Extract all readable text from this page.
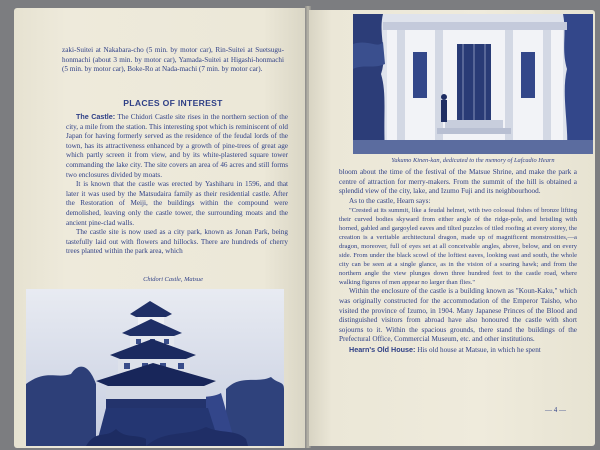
zaki-Suitei at Nakabara-cho (5 min. by motor car), Rin-Suitei at Suetsugu-honmachi (about 3 min. by motor car), Yamada-Suitei at Higashi-honmachi (5 min. by motor car), Boke-Ro at Nada-machi (7 min. by motor car).
PLACES OF INTEREST

The Castle: The Chidori Castle site rises in the northern section of the city, a mile from the station. This interesting spot which is reminiscent of old Japan for having formerly served as the residence of the feudal lords of the town, has its attractiveness enhanced by a growth of pine-trees of great age which partly screen it from view, and by its white-plastered square tower commanding the lake city. The site covers an area of 46 acres and still forms two enclosures divided by moats.

It is known that the castle was erected by Yashiharu in 1596, and that later it was used by the Matsudaira family as their residential castle. After the Restoration of Meiji, the buildings within the compound were demolished, leaving only the castle tower, the surrounding moats and the ancient pine-clad walls.

The castle site is now used as a city park, known as Jonan Park, being tastefully laid out with flowers and hillocks. There are hundreds of cherry trees planted within the park area, which

Chidori Castle, Matsue
Yakumo Kinen-kan, dedicated to the memory of Lafcadio Hearn

bloom about the time of the festival of the Matsue Shrine, and make the park a centre of attraction for merry-makers. From the summit of the hill is obtained a splendid view of the city, lake, and Izumo Fuji and its neighbourhood.

As to the castle, Hearn says:

"Crested at its summit, like a feudal helmet, with two colossal fishes of bronze lifting their curved bodies skyward from either angle of the ridge-pole, and bristling with horned, gabled and gargoyled eaves and tilted puzzles of tiled roofing at every storey, the creation is a veritable architectural dragon, made up of magnificent monstrosities,—a dragon, moreover, full of eyes set at all conceivable angles, above, below, and on every side. From under the black scowl of the loftiest eaves, looking east and south, the whole city can be seen at a single glance, as in the vision of a soaring hawk; and from the northern angle the view plunges down three hundred feet to the castle road, where walking figures of men appear no larger than flies."

Within the enclosure of the castle is a building known as "Koun-Kaku," which was originally constructed for the accommodation of the Emperor Taisho, who visited the province of Izumo, in 1904. Many Japanese Princes of the Blood and distinguished visitors from abroad have also honoured the castle with short sojourns to it. Within the spacious grounds, there stand the buildings of the Prefectural Office, Commercial Museum, etc. and other institutions.

Hearn's Old House: His old house at Matsue, in which he spent

— 4 —
